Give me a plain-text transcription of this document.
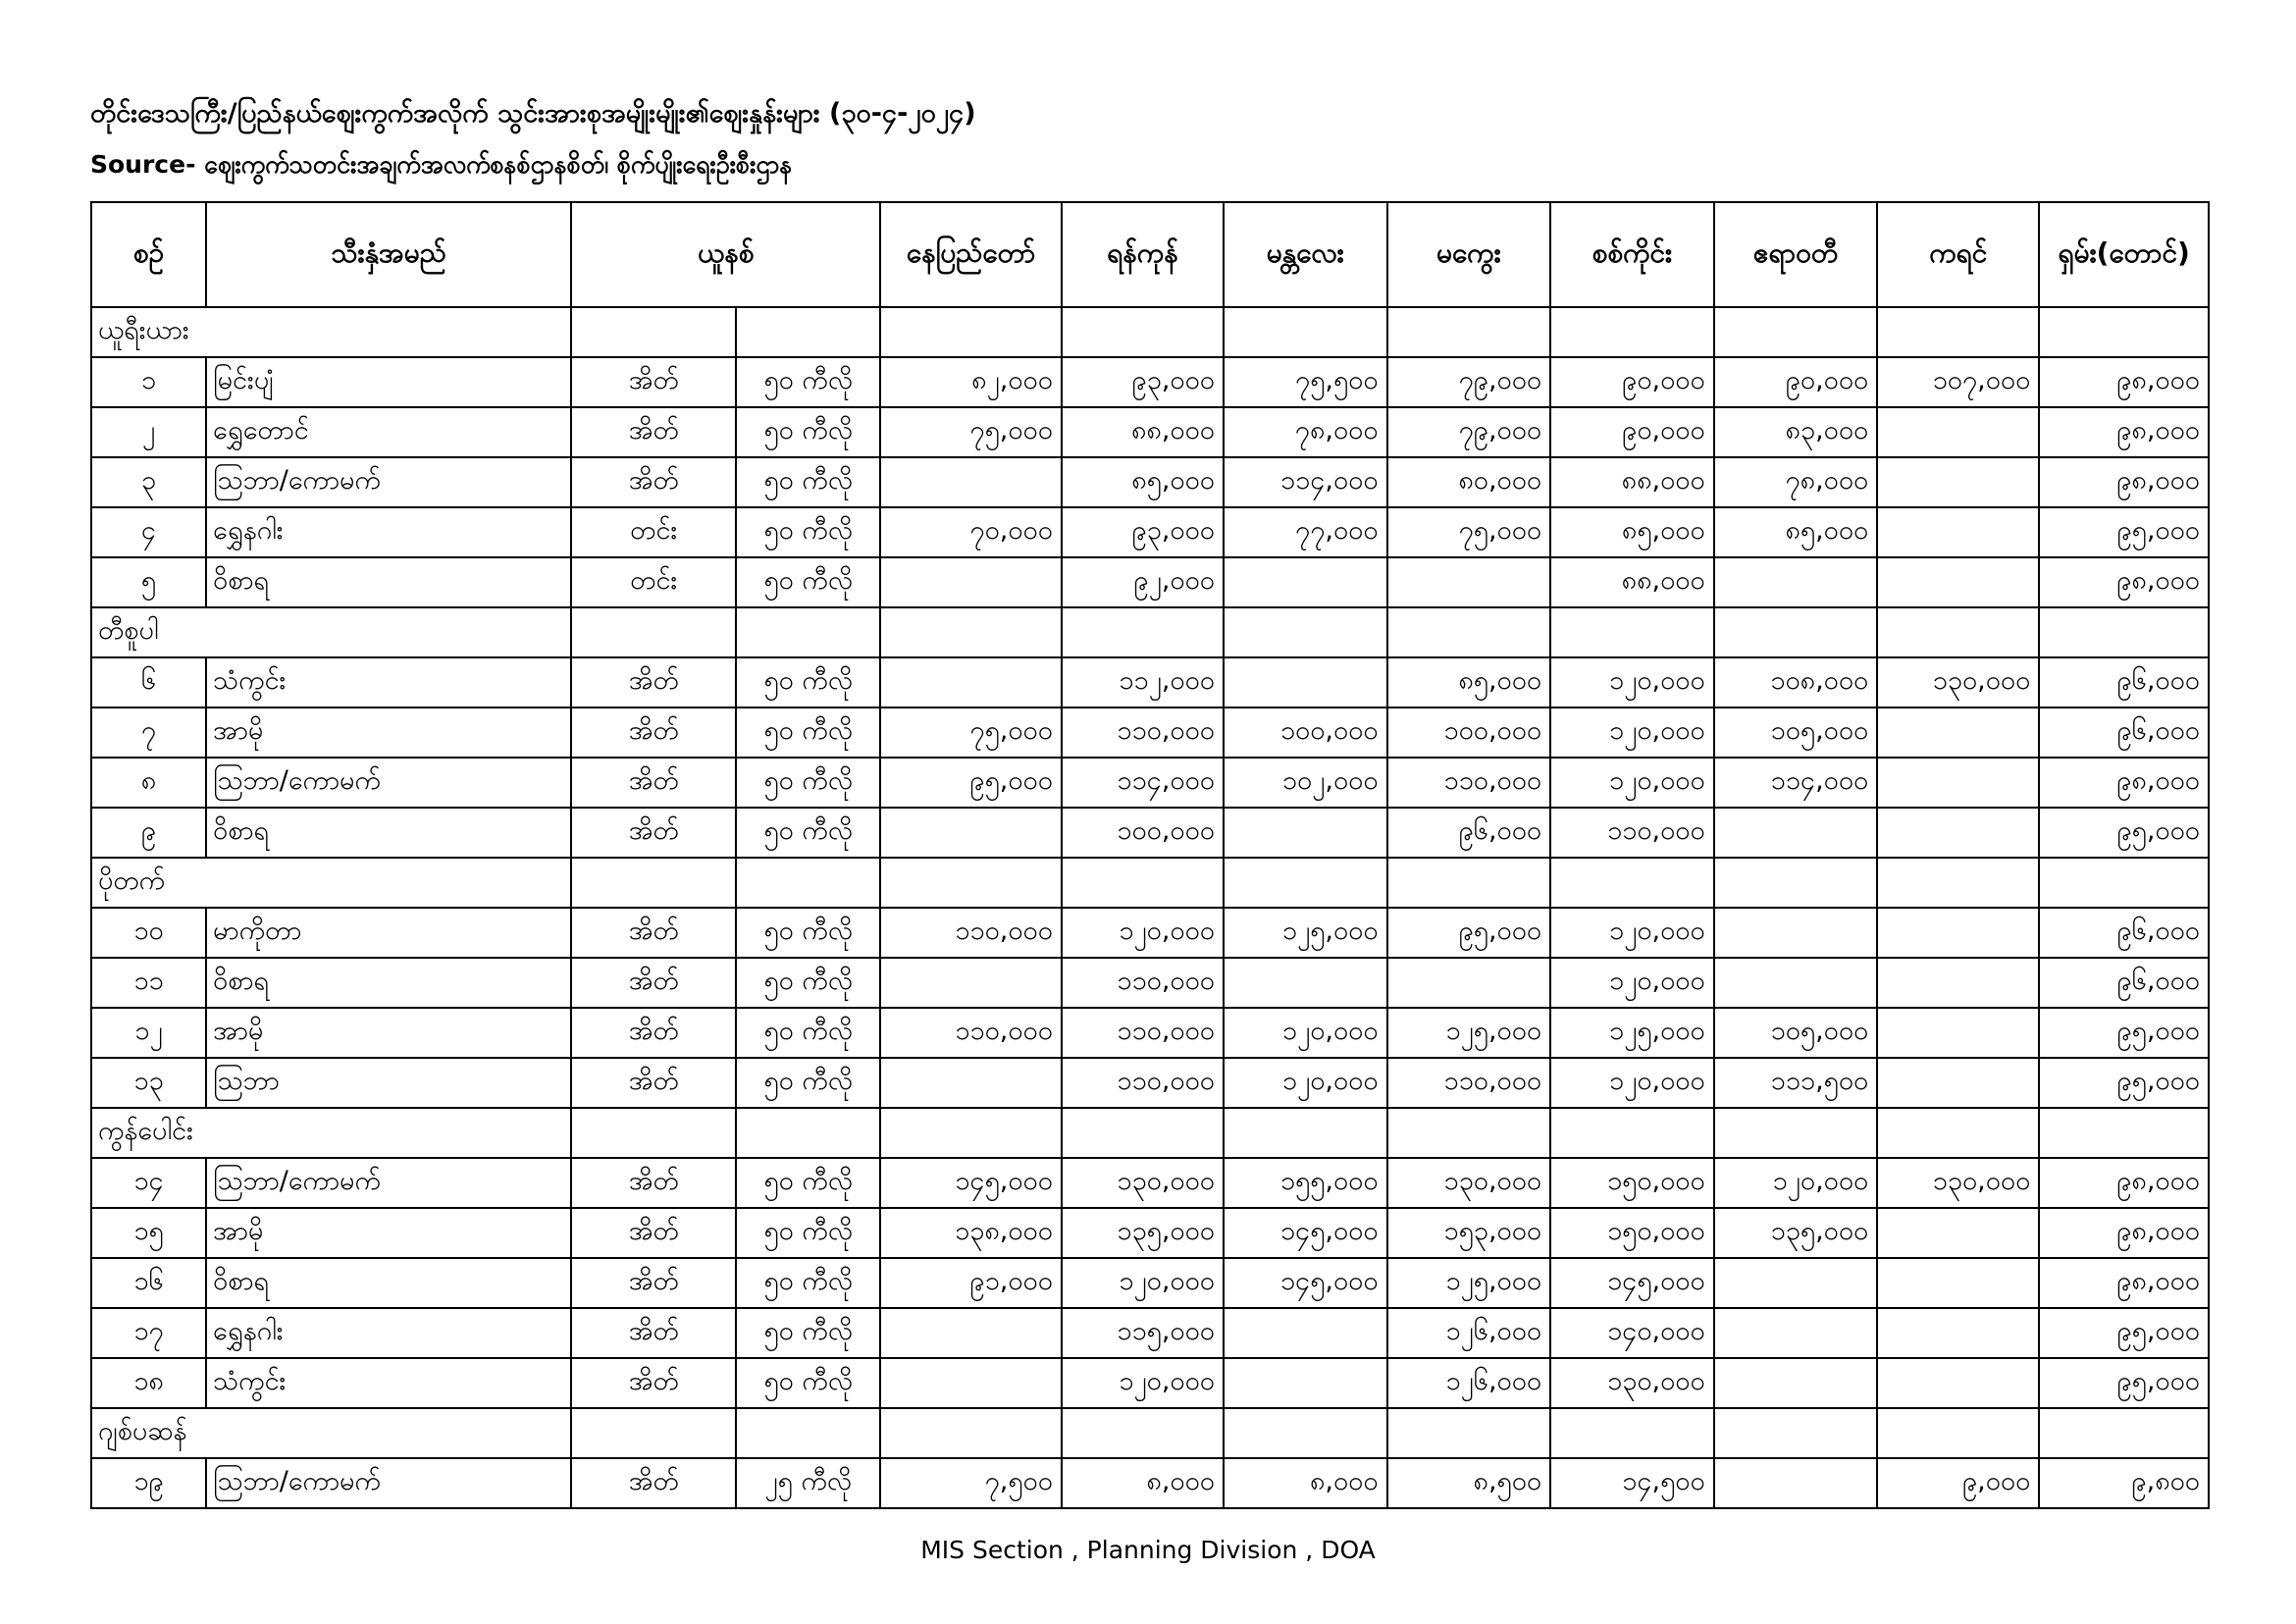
တိုင်းဒေသကြီး/ပြည်နယ်ဈေးကွက်အလိုက် သွင်းအားစုအမျိုးမျိုး၏ဈေးနှုန်းများ (၃၀-၄-၂၀၂၄)
Source- ဈေးကွက်သတင်းအချက်အလက်စနစ်ဌာနစိတ်၊ စိုက်ပျိုးရေးဦးစီးဌာန
စဉ်	သီးနှံအမည်	ယူနစ်		နေပြည်တော်	ရန်ကုန်	မန္တလေး	မကွေး	စစ်ကိုင်း	ဧရာဝတီ	ကရင်	ရှမ်း(တောင်)
ယူရီးယား											
၁	မြင်းပျံ	အိတ်	၅၀ ကီလို	၈၂,၀၀၀	၉၃,၀၀၀	၇၅,၅၀၀	၇၉,၀၀၀	၉၀,၀၀၀	၉၀,၀၀၀	၁၀၇,၀၀၀	၉၈,၀၀၀
၂	ရွှေတောင်	အိတ်	၅၀ ကီလို	၇၅,၀၀၀	၈၈,၀၀၀	၇၈,၀၀၀	၇၉,၀၀၀	၉၀,၀၀၀	၈၃,၀၀၀		၉၈,၀၀၀
၃	သြဘာ/ကောမက်	အိတ်	၅၀ ကီလို		၈၅,၀၀၀	၁၁၄,၀၀၀	၈၀,၀၀၀	၈၈,၀၀၀	၇၈,၀၀၀		၉၈,၀၀၀
၄	ရွှေနဂါး	တင်း	၅၀ ကီလို	၇၀,၀၀၀	၉၃,၀၀၀	၇၇,၀၀၀	၇၅,၀၀၀	၈၅,၀၀၀	၈၅,၀၀၀		၉၅,၀၀၀
၅	ဝိစာရ	တင်း	၅၀ ကီလို		၉၂,၀၀၀			၈၈,၀၀၀			၉၈,၀၀၀
တီစူပါ											
၆	သံကွင်း	အိတ်	၅၀ ကီလို		၁၁၂,၀၀၀		၈၅,၀၀၀	၁၂၀,၀၀၀	၁၀၈,၀၀၀	၁၃၀,၀၀၀	၉၆,၀၀၀
၇	အာမို	အိတ်	၅၀ ကီလို	၇၅,၀၀၀	၁၁၀,၀၀၀	၁၀၀,၀၀၀	၁၀၀,၀၀၀	၁၂၀,၀၀၀	၁၀၅,၀၀၀		၉၆,၀၀၀
၈	သြဘာ/ကောမက်	အိတ်	၅၀ ကီလို	၉၅,၀၀၀	၁၁၄,၀၀၀	၁၀၂,၀၀၀	၁၁၀,၀၀၀	၁၂၀,၀၀၀	၁၁၄,၀၀၀		၉၈,၀၀၀
၉	ဝိစာရ	အိတ်	၅၀ ကီလို		၁၀၀,၀၀၀		၉၆,၀၀၀	၁၁၀,၀၀၀			၉၅,၀၀၀
ပိုတက်											
၁၀	မာကိုတာ	အိတ်	၅၀ ကီလို	၁၁၀,၀၀၀	၁၂၀,၀၀၀	၁၂၅,၀၀၀	၉၅,၀၀၀	၁၂၀,၀၀၀			၉၆,၀၀၀
၁၁	ဝိစာရ	အိတ်	၅၀ ကီလို		၁၁၀,၀၀၀			၁၂၀,၀၀၀			၉၆,၀၀၀
၁၂	အာမို	အိတ်	၅၀ ကီလို	၁၁၀,၀၀၀	၁၁၀,၀၀၀	၁၂၀,၀၀၀	၁၂၅,၀၀၀	၁၂၅,၀၀၀	၁၀၅,၀၀၀		၉၅,၀၀၀
၁၃	သြဘာ	အိတ်	၅၀ ကီလို		၁၁၀,၀၀၀	၁၂၀,၀၀၀	၁၁၀,၀၀၀	၁၂၀,၀၀၀	၁၁၁,၅၀၀		၉၅,၀၀၀
ကွန်ပေါင်း											
၁၄	သြဘာ/ကောမက်	အိတ်	၅၀ ကီလို	၁၄၅,၀၀၀	၁၃၀,၀၀၀	၁၅၅,၀၀၀	၁၃၀,၀၀၀	၁၅၀,၀၀၀	၁၂၀,၀၀၀	၁၃၀,၀၀၀	၉၈,၀၀၀
၁၅	အာမို	အိတ်	၅၀ ကီလို	၁၃၈,၀၀၀	၁၃၅,၀၀၀	၁၄၅,၀၀၀	၁၅၃,၀၀၀	၁၅၀,၀၀၀	၁၃၅,၀၀၀		၉၈,၀၀၀
၁၆	ဝိစာရ	အိတ်	၅၀ ကီလို	၉၁,၀၀၀	၁၂၀,၀၀၀	၁၄၅,၀၀၀	၁၂၅,၀၀၀	၁၄၅,၀၀၀			၉၈,၀၀၀
၁၇	ရွှေနဂါး	အိတ်	၅၀ ကီလို		၁၁၅,၀၀၀		၁၂၆,၀၀၀	၁၄၀,၀၀၀			၉၅,၀၀၀
၁၈	သံကွင်း	အိတ်	၅၀ ကီလို		၁၂၀,၀၀၀		၁၂၆,၀၀၀	၁၃၀,၀၀၀			၉၅,၀၀၀
ဂျစ်ပဆန်											
၁၉	သြဘာ/ကောမက်	အိတ်	၂၅ ကီလို	၇,၅၀၀	၈,၀၀၀	၈,၀၀၀	၈,၅၀၀	၁၄,၅၀၀		၉,၀၀၀	၉,၈၀၀
MIS Section , Planning Division , DOA
